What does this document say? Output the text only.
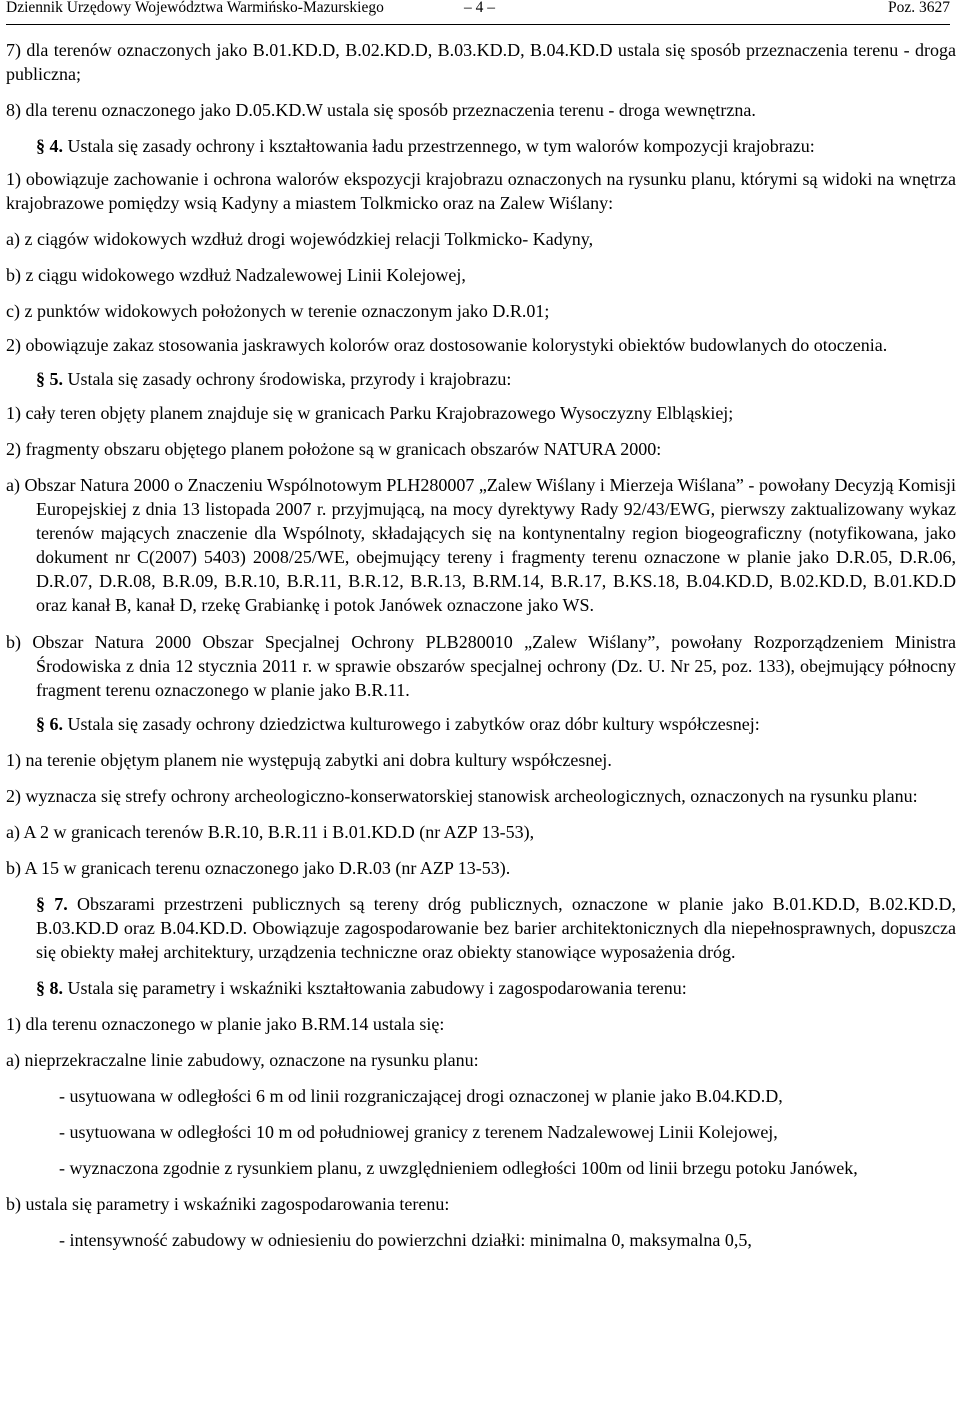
Dziennik Urzędowy Województwa Warmińsko-Mazurskiego	– 4 –	Poz. 3627

7) dla terenów oznaczonych jako B.01.KD.D, B.02.KD.D, B.03.KD.D, B.04.KD.D ustala się sposób przeznaczenia terenu - droga publiczna;

8) dla terenu oznaczonego jako D.05.KD.W ustala się sposób przeznaczenia terenu - droga wewnętrzna.

§ 4. Ustala się zasady ochrony i kształtowania ładu przestrzennego, w tym walorów kompozycji krajobrazu:

1) obowiązuje zachowanie i ochrona walorów ekspozycji krajobrazu oznaczonych na rysunku planu, którymi są widoki na wnętrza krajobrazowe pomiędzy wsią Kadyny a miastem Tolkmicko oraz na Zalew Wiślany:

a) z ciągów widokowych wzdłuż drogi wojewódzkiej relacji Tolkmicko- Kadyny,

b) z ciągu widokowego wzdłuż Nadzalewowej Linii Kolejowej,

c) z punktów widokowych położonych w terenie oznaczonym jako D.R.01;

2) obowiązuje zakaz stosowania jaskrawych kolorów oraz dostosowanie kolorystyki obiektów budowlanych do otoczenia.

§ 5. Ustala się zasady ochrony środowiska, przyrody i krajobrazu:

1) cały teren objęty planem znajduje się w granicach Parku Krajobrazowego Wysoczyzny Elbląskiej;

2) fragmenty obszaru objętego planem położone są w granicach obszarów NATURA 2000:

a) Obszar Natura 2000 o Znaczeniu Wspólnotowym PLH280007 „Zalew Wiślany i Mierzeja Wiślana” - powołany Decyzją Komisji Europejskiej z dnia 13 listopada 2007 r. przyjmującą, na mocy dyrektywy Rady 92/43/EWG, pierwszy zaktualizowany wykaz terenów mających znaczenie dla Wspólnoty, składających się na kontynentalny region biogeograficzny (notyfikowana, jako dokument nr C(2007) 5403) 2008/25/WE, obejmujący tereny i fragmenty terenu oznaczone w planie jako D.R.05, D.R.06, D.R.07, D.R.08, B.R.09, B.R.10, B.R.11, B.R.12, B.R.13, B.RM.14, B.R.17, B.KS.18, B.04.KD.D, B.02.KD.D, B.01.KD.D oraz kanał B, kanał D, rzekę Grabiankę i potok Janówek oznaczone jako WS.

b) Obszar Natura 2000 Obszar Specjalnej Ochrony PLB280010 „Zalew Wiślany”, powołany Rozporządzeniem Ministra Środowiska z dnia 12 stycznia 2011 r. w sprawie obszarów specjalnej ochrony (Dz. U. Nr 25, poz. 133), obejmujący północny fragment terenu oznaczonego w planie jako B.R.11.

§ 6. Ustala się zasady ochrony dziedzictwa kulturowego i zabytków oraz dóbr kultury współczesnej:

1) na terenie objętym planem nie występują zabytki ani dobra kultury współczesnej.

2) wyznacza się strefy ochrony archeologiczno-konserwatorskiej stanowisk archeologicznych, oznaczonych na rysunku planu:

a) A 2 w granicach terenów B.R.10, B.R.11 i B.01.KD.D (nr AZP 13-53),

b) A 15 w granicach terenu oznaczonego jako D.R.03 (nr AZP 13-53).

§ 7. Obszarami przestrzeni publicznych są tereny dróg publicznych, oznaczone w planie jako B.01.KD.D, B.02.KD.D, B.03.KD.D oraz B.04.KD.D. Obowiązuje zagospodarowanie bez barier architektonicznych dla niepełnosprawnych, dopuszcza się obiekty małej architektury, urządzenia techniczne oraz obiekty stanowiące wyposażenia dróg.

§ 8. Ustala się parametry i wskaźniki kształtowania zabudowy i zagospodarowania terenu:

1) dla terenu oznaczonego w planie jako B.RM.14 ustala się:

a) nieprzekraczalne linie zabudowy, oznaczone na rysunku planu:

- usytuowana w odległości 6 m od linii rozgraniczającej drogi oznaczonej w planie jako B.04.KD.D,

- usytuowana w odległości 10 m od południowej granicy z terenem Nadzalewowej Linii Kolejowej,

- wyznaczona zgodnie z rysunkiem planu, z uwzględnieniem odległości 100m od linii brzegu potoku Janówek,

b) ustala się parametry i wskaźniki zagospodarowania terenu:

- intensywność zabudowy w odniesieniu do powierzchni działki: minimalna 0, maksymalna 0,5,
